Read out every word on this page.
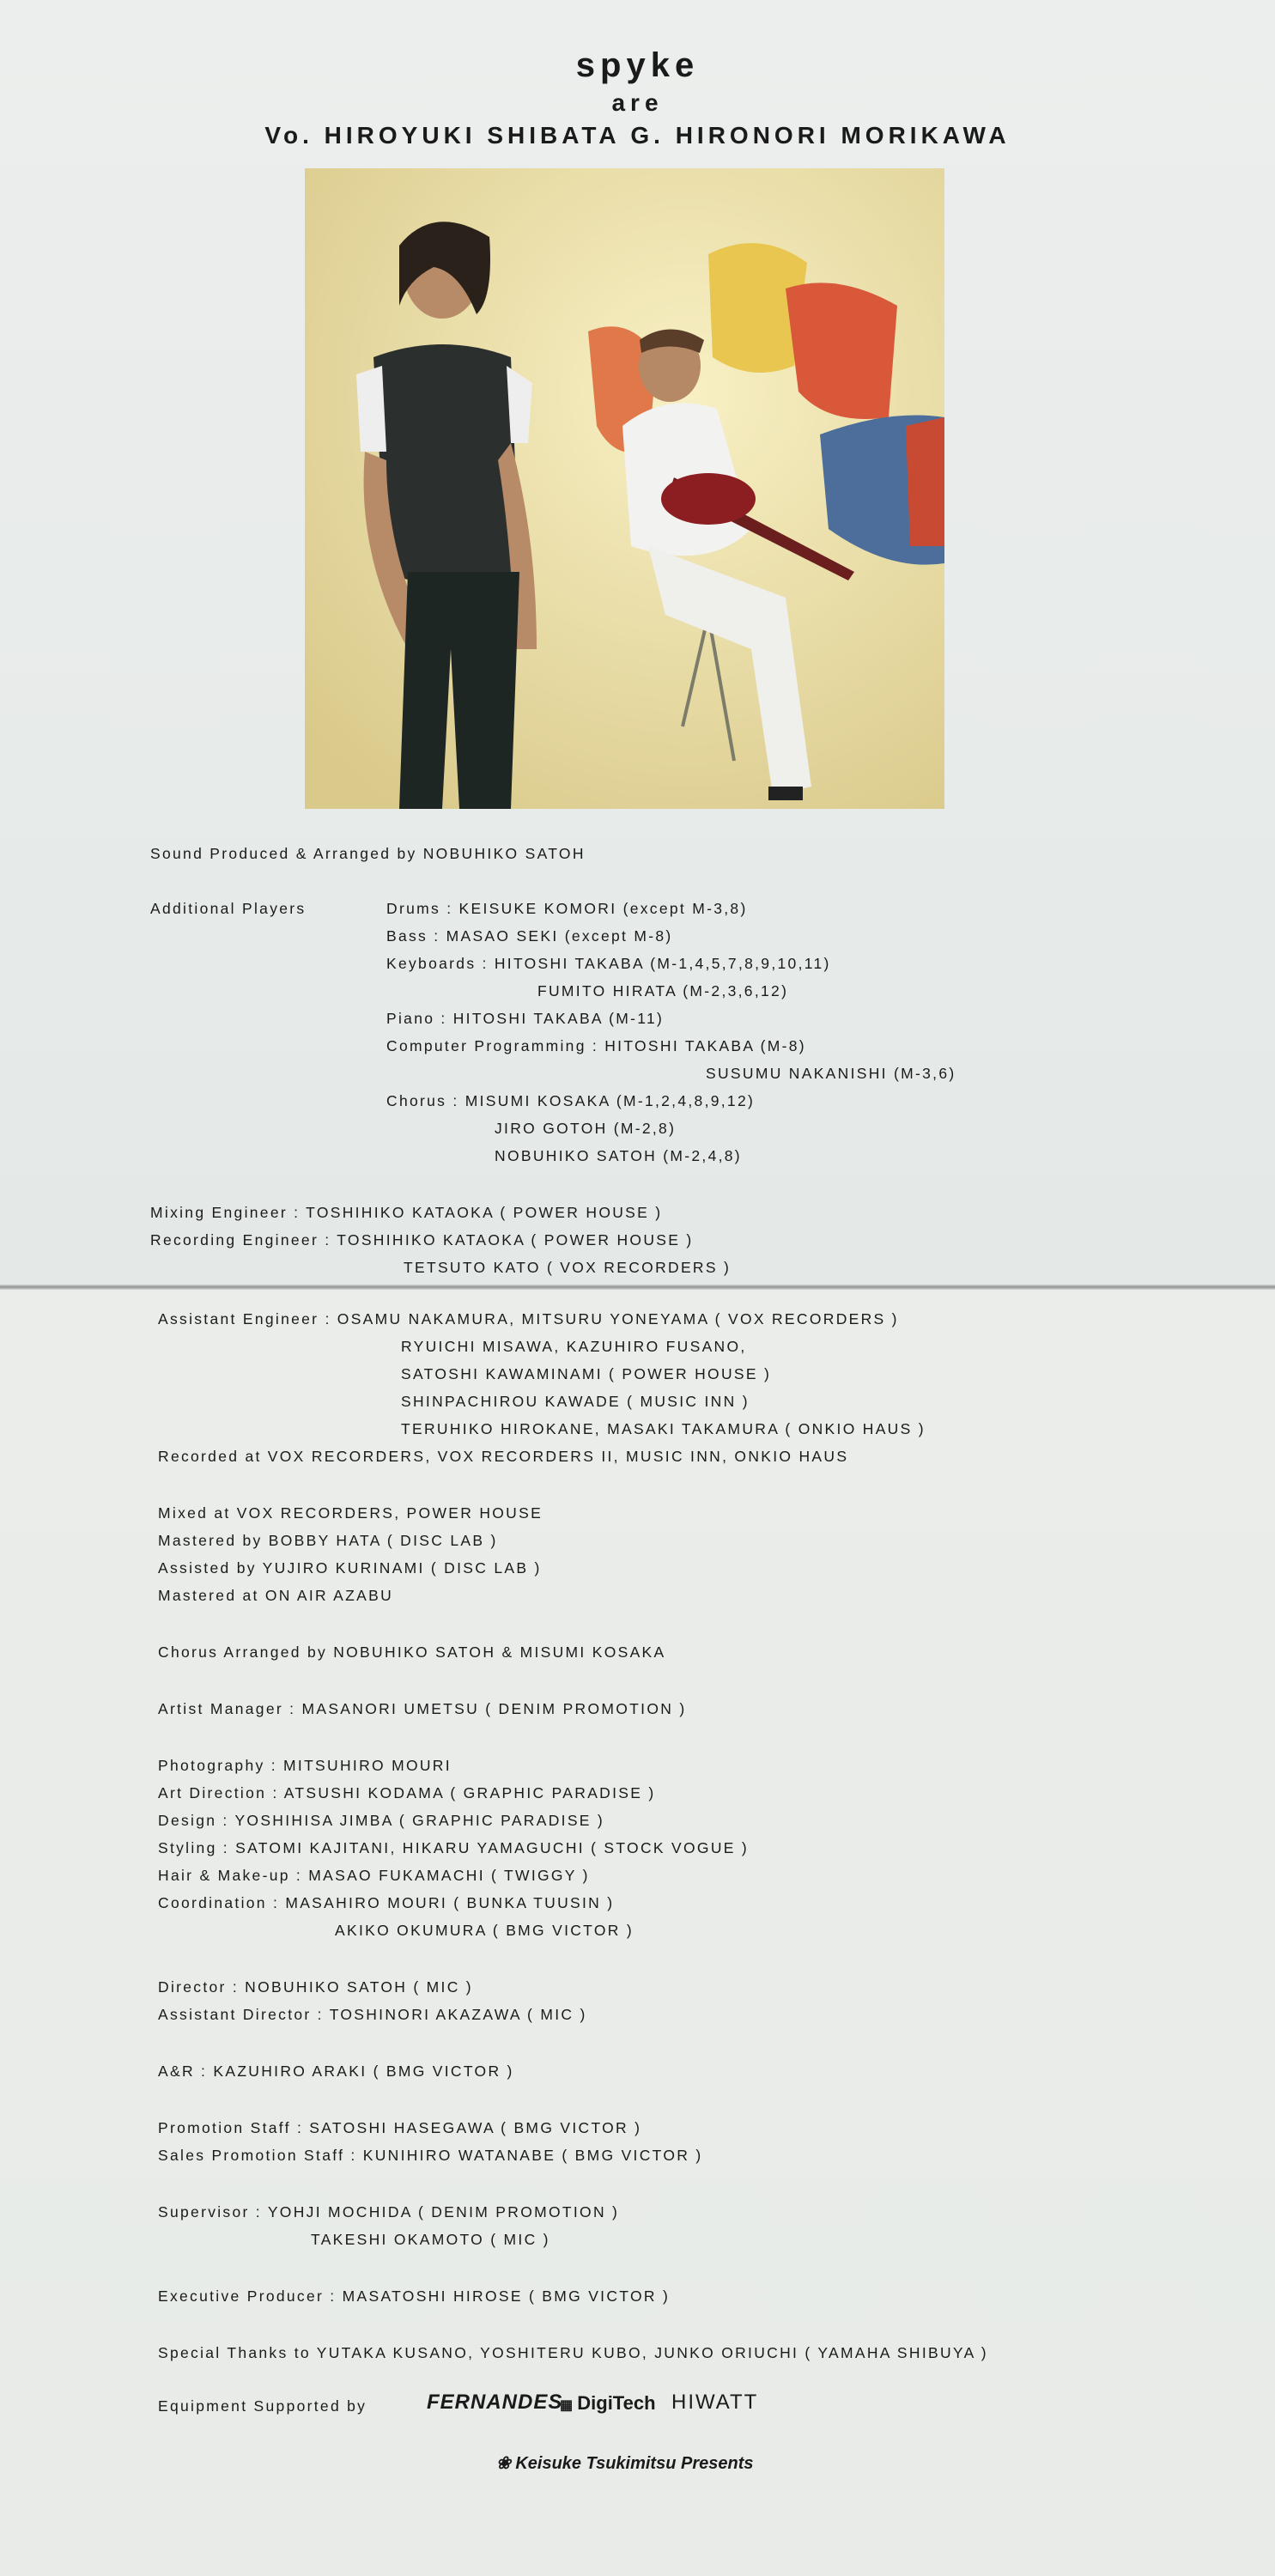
spyke
are
Vo. HIROYUKI SHIBATA G. HIRONORI MORIKAWA
Sound Produced & Arranged by NOBUHIKO SATOH
Additional Players	Drums : KEISUKE KOMORI (except M-3,8)
Bass : MASAO SEKI (except M-8)
Keyboards : HITOSHI TAKABA (M-1,4,5,7,8,9,10,11)
FUMITO HIRATA (M-2,3,6,12)
Piano : HITOSHI TAKABA (M-11)
Computer Programming : HITOSHI TAKABA (M-8)
SUSUMU NAKANISHI (M-3,6)
Chorus : MISUMI KOSAKA (M-1,2,4,8,9,12)
JIRO GOTOH (M-2,8)
NOBUHIKO SATOH (M-2,4,8)
Mixing Engineer : TOSHIHIKO KATAOKA ( POWER HOUSE )
Recording Engineer : TOSHIHIKO KATAOKA ( POWER HOUSE )
TETSUTO KATO ( VOX RECORDERS )
Assistant Engineer : OSAMU NAKAMURA, MITSURU YONEYAMA ( VOX RECORDERS )
RYUICHI MISAWA, KAZUHIRO FUSANO,
SATOSHI KAWAMINAMI ( POWER HOUSE )
SHINPACHIROU KAWADE ( MUSIC INN )
TERUHIKO HIROKANE, MASAKI TAKAMURA ( ONKIO HAUS )
Recorded at VOX RECORDERS, VOX RECORDERS II, MUSIC INN, ONKIO HAUS
Mixed at VOX RECORDERS, POWER HOUSE
Mastered by BOBBY HATA ( DISC LAB )
Assisted by YUJIRO KURINAMI ( DISC LAB )
Mastered at ON AIR AZABU
Chorus Arranged by NOBUHIKO SATOH & MISUMI KOSAKA
Artist Manager : MASANORI UMETSU ( DENIM PROMOTION )
Photography : MITSUHIRO MOURI
Art Direction : ATSUSHI KODAMA ( GRAPHIC PARADISE )
Design : YOSHIHISA JIMBA ( GRAPHIC PARADISE )
Styling : SATOMI KAJITANI, HIKARU YAMAGUCHI ( STOCK VOGUE )
Hair & Make-up : MASAO FUKAMACHI ( TWIGGY )
Coordination : MASAHIRO MOURI ( BUNKA TUUSIN )
AKIKO OKUMURA ( BMG VICTOR )
Director : NOBUHIKO SATOH ( MIC )
Assistant Director : TOSHINORI AKAZAWA ( MIC )
A&R : KAZUHIRO ARAKI ( BMG VICTOR )
Promotion Staff : SATOSHI HASEGAWA ( BMG VICTOR )
Sales Promotion Staff : KUNIHIRO WATANABE ( BMG VICTOR )
Supervisor : YOHJI MOCHIDA ( DENIM PROMOTION )
TAKESHI OKAMOTO ( MIC )
Executive Producer : MASATOSHI HIROSE ( BMG VICTOR )
Special Thanks to YUTAKA KUSANO, YOSHITERU KUBO, JUNKO ORIUCHI ( YAMAHA SHIBUYA )
Equipment Supported by	FERNANDES
▦ DigiTech HIWATT
❀ Keisuke Tsukimitsu Presents
